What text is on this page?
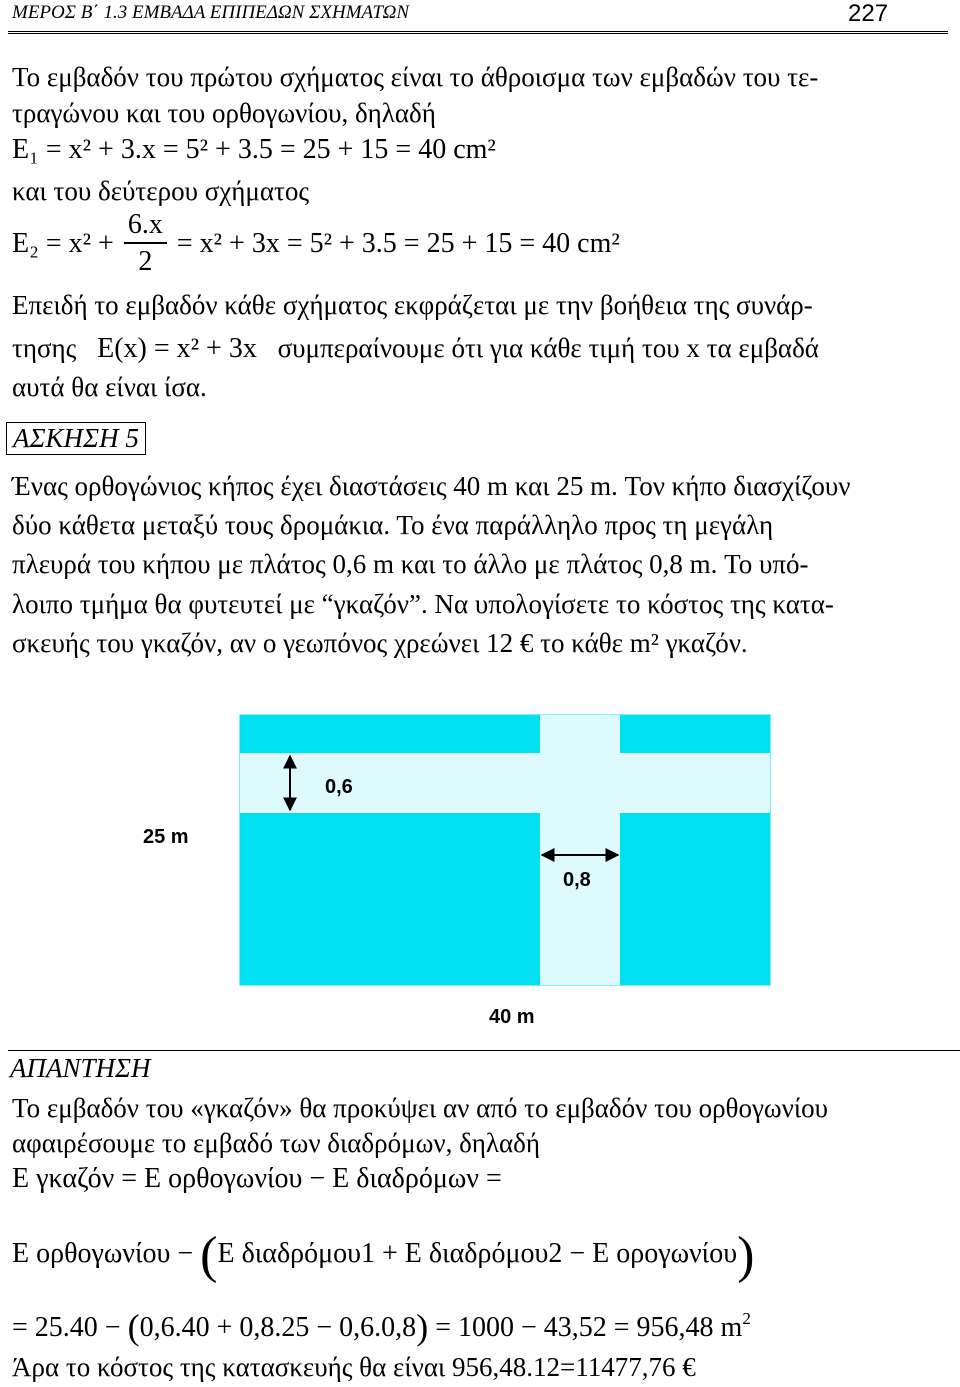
ΜΕΡΟΣ Β΄ 1.3 ΕΜΒΑΔΑ ΕΠΙΠΕΔΩΝ ΣΧΗΜΑΤΩΝ	227
Το εμβαδόν του πρώτου σχήματος είναι το άθροισμα των εμβαδών του τε-
τραγώνου και του ορθογωνίου, δηλαδή
E₁ = x² + 3.x = 5² + 3.5 = 25 + 15 = 40 cm²
και του δεύτερου σχήματος
$E_2 = x^2 + \frac{6.x}{2} = x^2 + 3x = 5^2 + 3.5 = 25 + 15 = 40$ cm²
Επειδή το εμβαδόν κάθε σχήματος εκφράζεται με την βοήθεια της συνάρ-
τησης E(x) = x² + 3x συμπεραίνουμε ότι για κάθε τιμή του x τα εμβαδά
αυτά θα είναι ίσα.
ΑΣΚΗΣΗ 5
Ένας ορθογώνιος κήπος έχει διαστάσεις 40 m και 25 m. Τον κήπο διασχίζουν
δύο κάθετα μεταξύ τους δρομάκια. Το ένα παράλληλο προς τη μεγάλη
πλευρά του κήπου με πλάτος 0,6 m και το άλλο με πλάτος 0,8 m. Το υπό-
λοιπο τμήμα θα φυτευτεί με “γκαζόν”. Να υπολογίσετε το κόστος της κατα-
σκευής του γκαζόν, αν ο γεωπόνος χρεώνει 12 € το κάθε m² γκαζόν.
0,6
0,8
25 m
40 m
ΑΠΑΝΤΗΣΗ
Το εμβαδόν του «γκαζόν» θα προκύψει αν από το εμβαδόν του ορθογωνίου
αφαιρέσουμε το εμβαδό των διαδρόμων, δηλαδή
E γκαζόν = E ορθογωνίου − E διαδρόμων =
E ορθογωνίου − (E διαδρόμου1 + E διαδρόμου2 − E ορογωνίου)
= 25.40 − (0,6.40 + 0,8.25 − 0,6.0,8) = 1000 − 43,52 = 956,48 $m^2$
Άρα το κόστος της κατασκευής θα είναι 956,48.12=11477,76 €
